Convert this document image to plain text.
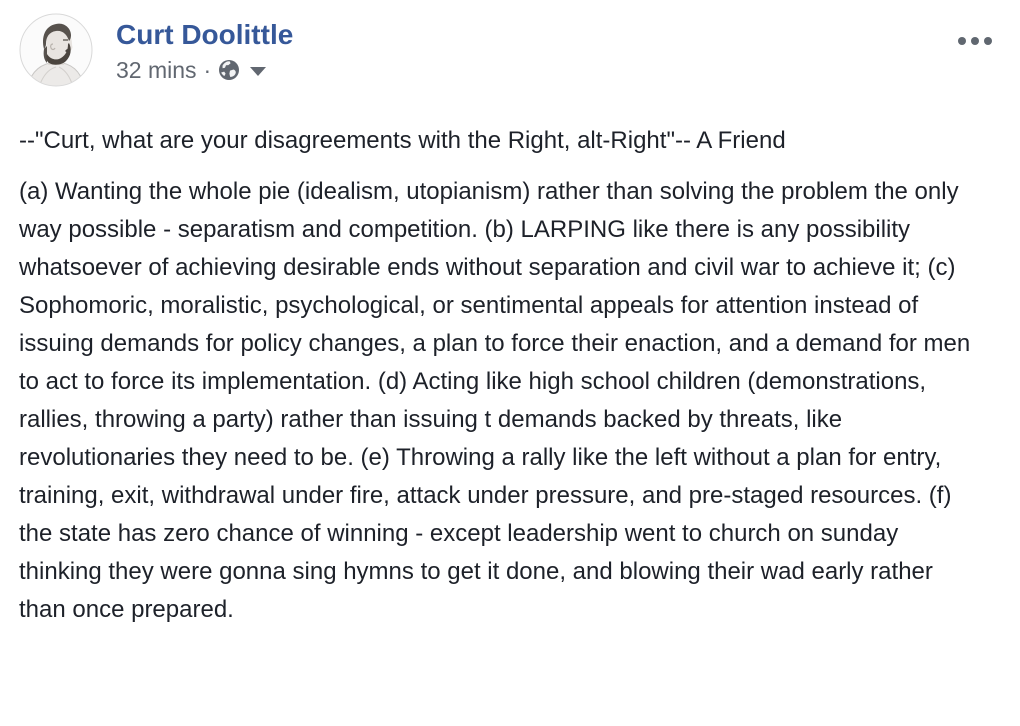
Curt Doolittle
32 mins ·

--"Curt, what are your disagreements with the Right, alt-Right"-- A Friend

(a) Wanting the whole pie (idealism, utopianism) rather than solving the problem the only way possible - separatism and competition. (b) LARPING like there is any possibility whatsoever of achieving desirable ends without separation and civil war to achieve it; (c) Sophomoric, moralistic, psychological, or sentimental appeals for attention instead of issuing demands for policy changes, a plan to force their enaction, and a demand for men to act to force its implementation. (d) Acting like high school children (demonstrations, rallies, throwing a party) rather than issuing t demands backed by threats, like revolutionaries they need to be. (e) Throwing a rally like the left without a plan for entry, training, exit, withdrawal under fire, attack under pressure, and pre-staged resources. (f) the state has zero chance of winning - except leadership went to church on sunday thinking they were gonna sing hymns to get it done, and blowing their wad early rather than once prepared.
